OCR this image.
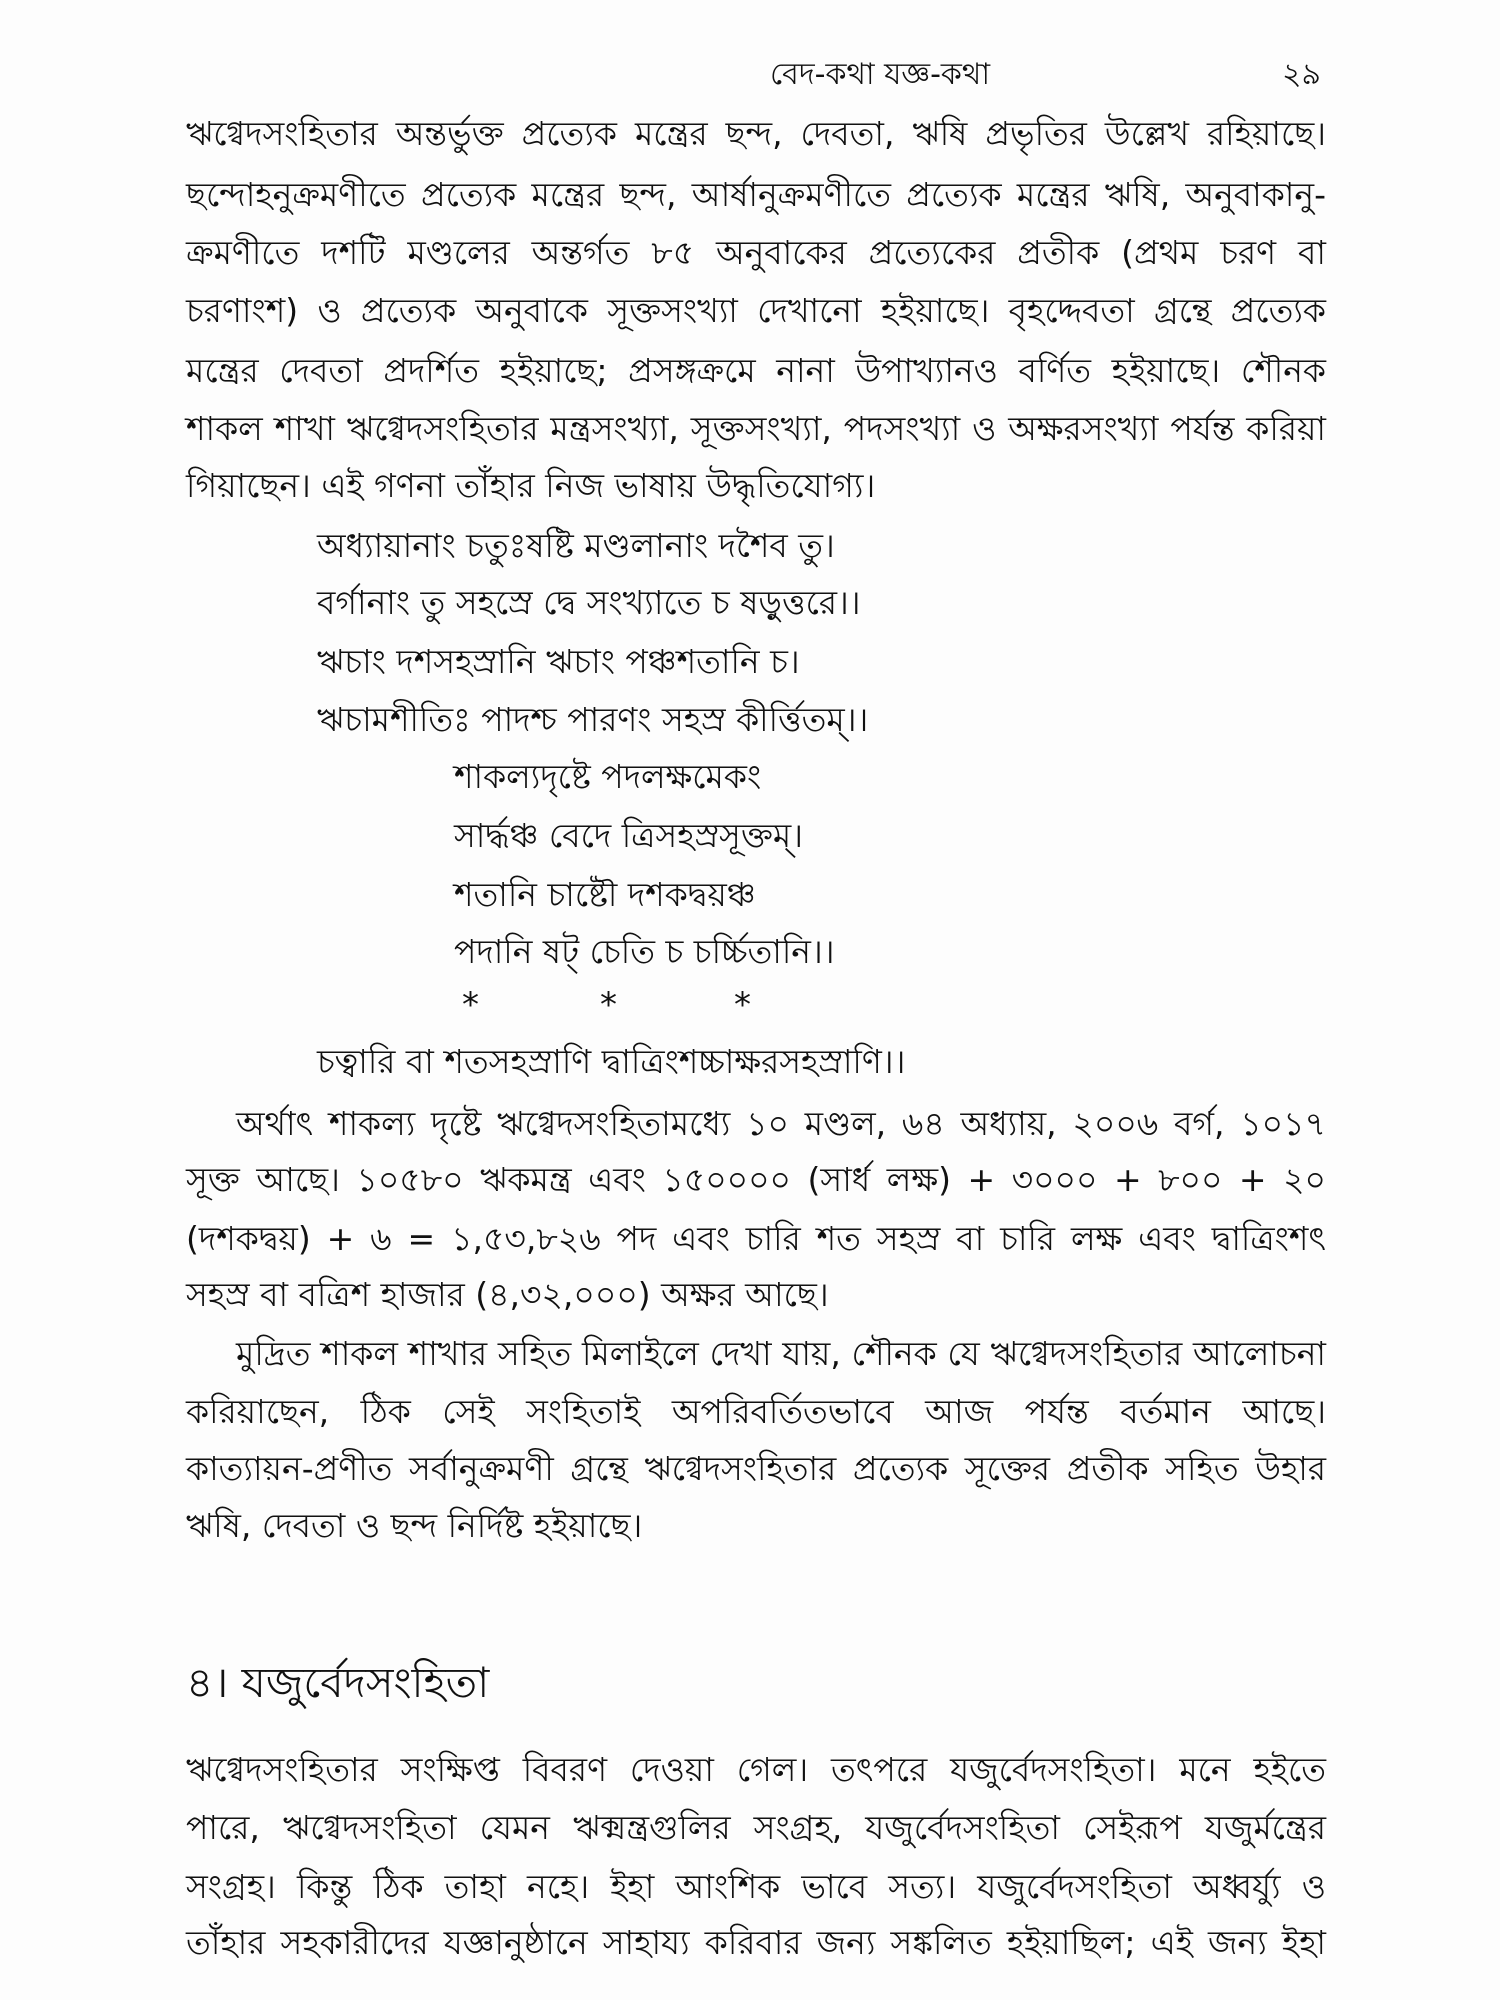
বেদ-কথা যজ্ঞ-কথা	২৯
ঋগ্বেদসংহিতার অন্তর্ভুক্ত প্রত্যেক মন্ত্রের ছন্দ, দেবতা, ঋষি প্রভৃতির উল্লেখ রহিয়াছে।
ছন্দোহনুক্রমণীতে প্রত্যেক মন্ত্রের ছন্দ, আর্ষানুক্রমণীতে প্রত্যেক মন্ত্রের ঋষি, অনুবাকানু-
ক্রমণীতে দশটি মণ্ডলের অন্তর্গত ৮৫ অনুবাকের প্রত্যেকের প্রতীক (প্রথম চরণ বা
চরণাংশ) ও প্রত্যেক অনুবাকে সূক্তসংখ্যা দেখানো হইয়াছে। বৃহদ্দেবতা গ্রন্থে প্রত্যেক
মন্ত্রের দেবতা প্রদর্শিত হইয়াছে; প্রসঙ্গক্রমে নানা উপাখ্যানও বর্ণিত হইয়াছে। শৌনক
শাকল শাখা ঋগ্বেদসংহিতার মন্ত্রসংখ্যা, সূক্তসংখ্যা, পদসংখ্যা ও অক্ষরসংখ্যা পর্যন্ত করিয়া
গিয়াছেন। এই গণনা তাঁহার নিজ ভাষায় উদ্ধৃতিযোগ্য।
অধ্যায়ানাং চতুঃষষ্টি মণ্ডলানাং দশৈব তু।
বর্গানাং তু সহস্রে দ্বে সংখ্যাতে চ ষড়ুত্তরে।।
ঋচাং দশসহস্রানি ঋচাং পঞ্চশতানি চ।
ঋচামশীতিঃ পাদশ্চ পারণং সহস্র কীর্ত্তিতম্।।
শাকল্যদৃষ্টে পদলক্ষমেকং
সার্দ্ধঞ্চ বেদে ত্রিসহস্রসূক্তম্।
শতানি চাষ্টৌ দশকদ্বয়ঞ্চ
পদানি ষট্ চেতি চ চর্চ্চিতানি।।
*	*	*
চত্বারি বা শতসহস্রাণি দ্বাত্রিংশচ্চাক্ষরসহস্রাণি।।
অর্থাৎ শাকল্য দৃষ্টে ঋগ্বেদসংহিতামধ্যে ১০ মণ্ডল, ৬৪ অধ্যায়, ২০০৬ বর্গ, ১০১৭
সূক্ত আছে। ১০৫৮০ ঋকমন্ত্র এবং ১৫০০০০ (সার্ধ লক্ষ) + ৩০০০ + ৮০০ + ২০
(দশকদ্বয়) + ৬ = ১,৫৩,৮২৬ পদ এবং চারি শত সহস্র বা চারি লক্ষ এবং দ্বাত্রিংশৎ
সহস্র বা বত্রিশ হাজার (৪,৩২,০০০) অক্ষর আছে।
মুদ্রিত শাকল শাখার সহিত মিলাইলে দেখা যায়, শৌনক যে ঋগ্বেদসংহিতার আলোচনা
করিয়াছেন, ঠিক সেই সংহিতাই অপরিবর্তিতভাবে আজ পর্যন্ত বর্তমান আছে।
কাত্যায়ন-প্রণীত সর্বানুক্রমণী গ্রন্থে ঋগ্বেদসংহিতার প্রত্যেক সূক্তের প্রতীক সহিত উহার
ঋষি, দেবতা ও ছন্দ নির্দিষ্ট হইয়াছে।
৪। যজুর্বেদসংহিতা
ঋগ্বেদসংহিতার সংক্ষিপ্ত বিবরণ দেওয়া গেল। তৎপরে যজুর্বেদসংহিতা। মনে হইতে
পারে, ঋগ্বেদসংহিতা যেমন ঋক্মন্ত্রগুলির সংগ্রহ, যজুর্বেদসংহিতা সেইরূপ যজুর্মন্ত্রের
সংগ্রহ। কিন্তু ঠিক তাহা নহে। ইহা আংশিক ভাবে সত্য। যজুর্বেদসংহিতা অধ্বর্য্যু ও
তাঁহার সহকারীদের যজ্ঞানুষ্ঠানে সাহায্য করিবার জন্য সঙ্কলিত হইয়াছিল; এই জন্য ইহা
